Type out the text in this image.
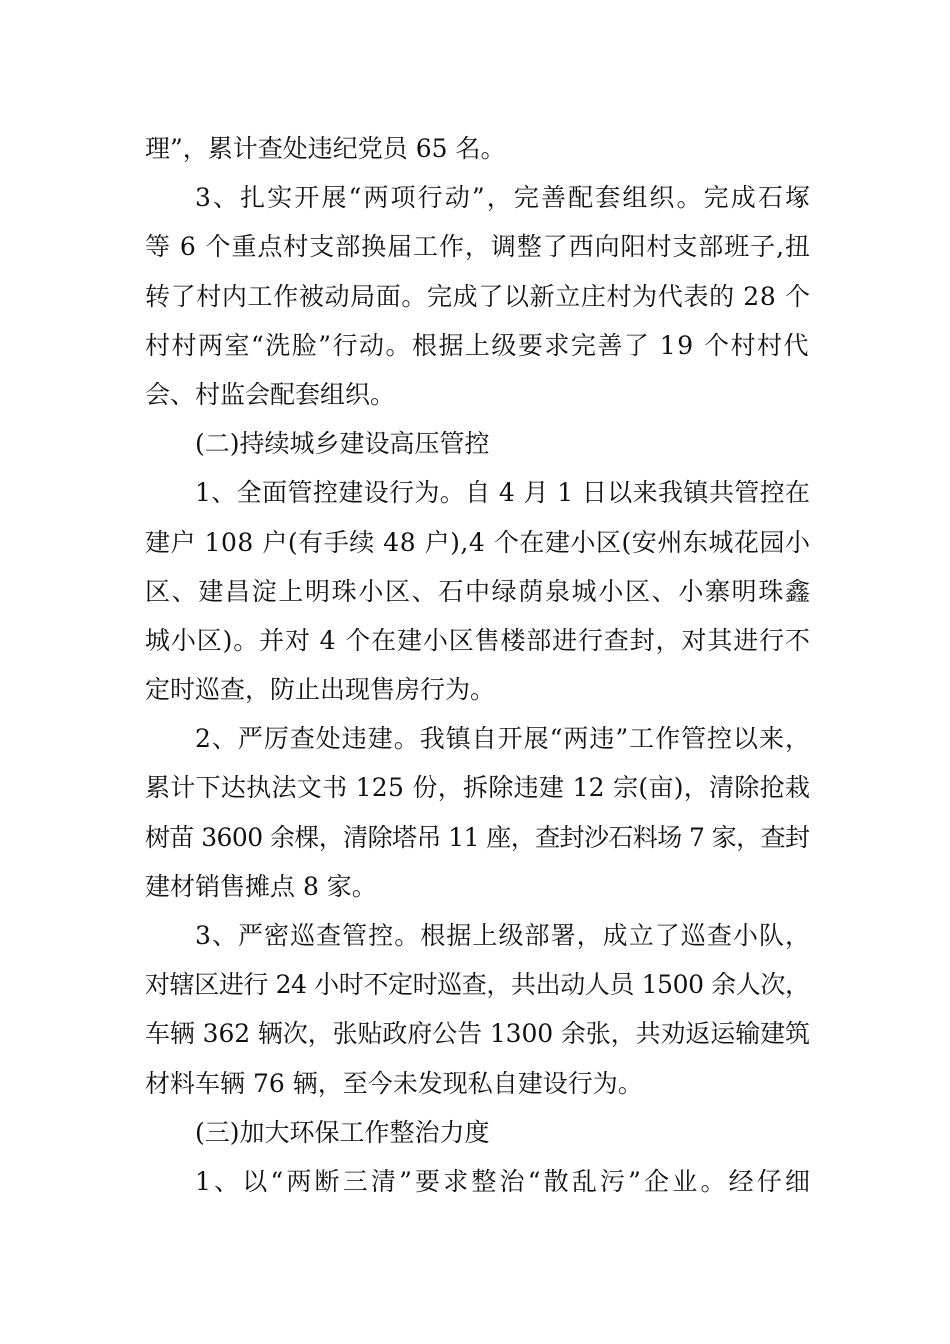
理”，累计查处违纪党员 65 名。
3、扎实开展“两项行动”，完善配套组织。完成石塚
等 6 个重点村支部换届工作，调整了西向阳村支部班子,扭
转了村内工作被动局面。完成了以新立庄村为代表的 28 个
村村两室“洗脸”行动。根据上级要求完善了 19 个村村代
会、村监会配套组织。
(二)持续城乡建设高压管控
1、全面管控建设行为。自 4 月 1 日以来我镇共管控在
建户 108 户(有手续 48 户),4 个在建小区(安州东城花园小
区、建昌淀上明珠小区、石中绿荫泉城小区、小寨明珠鑫
城小区)。并对 4 个在建小区售楼部进行查封，对其进行不
定时巡查，防止出现售房行为。
2、严厉查处违建。我镇自开展“两违”工作管控以来，
累计下达执法文书 125 份，拆除违建 12 宗(亩)，清除抢栽
树苗 3600 余棵，清除塔吊 11 座，查封沙石料场 7 家，查封
建材销售摊点 8 家。
3、严密巡查管控。根据上级部署，成立了巡查小队，
对辖区进行 24 小时不定时巡查，共出动人员 1500 余人次，
车辆 362 辆次，张贴政府公告 1300 余张，共劝返运输建筑
材料车辆 76 辆，至今未发现私自建设行为。
(三)加大环保工作整治力度
1、以“两断三清”要求整治“散乱污”企业。经仔细
